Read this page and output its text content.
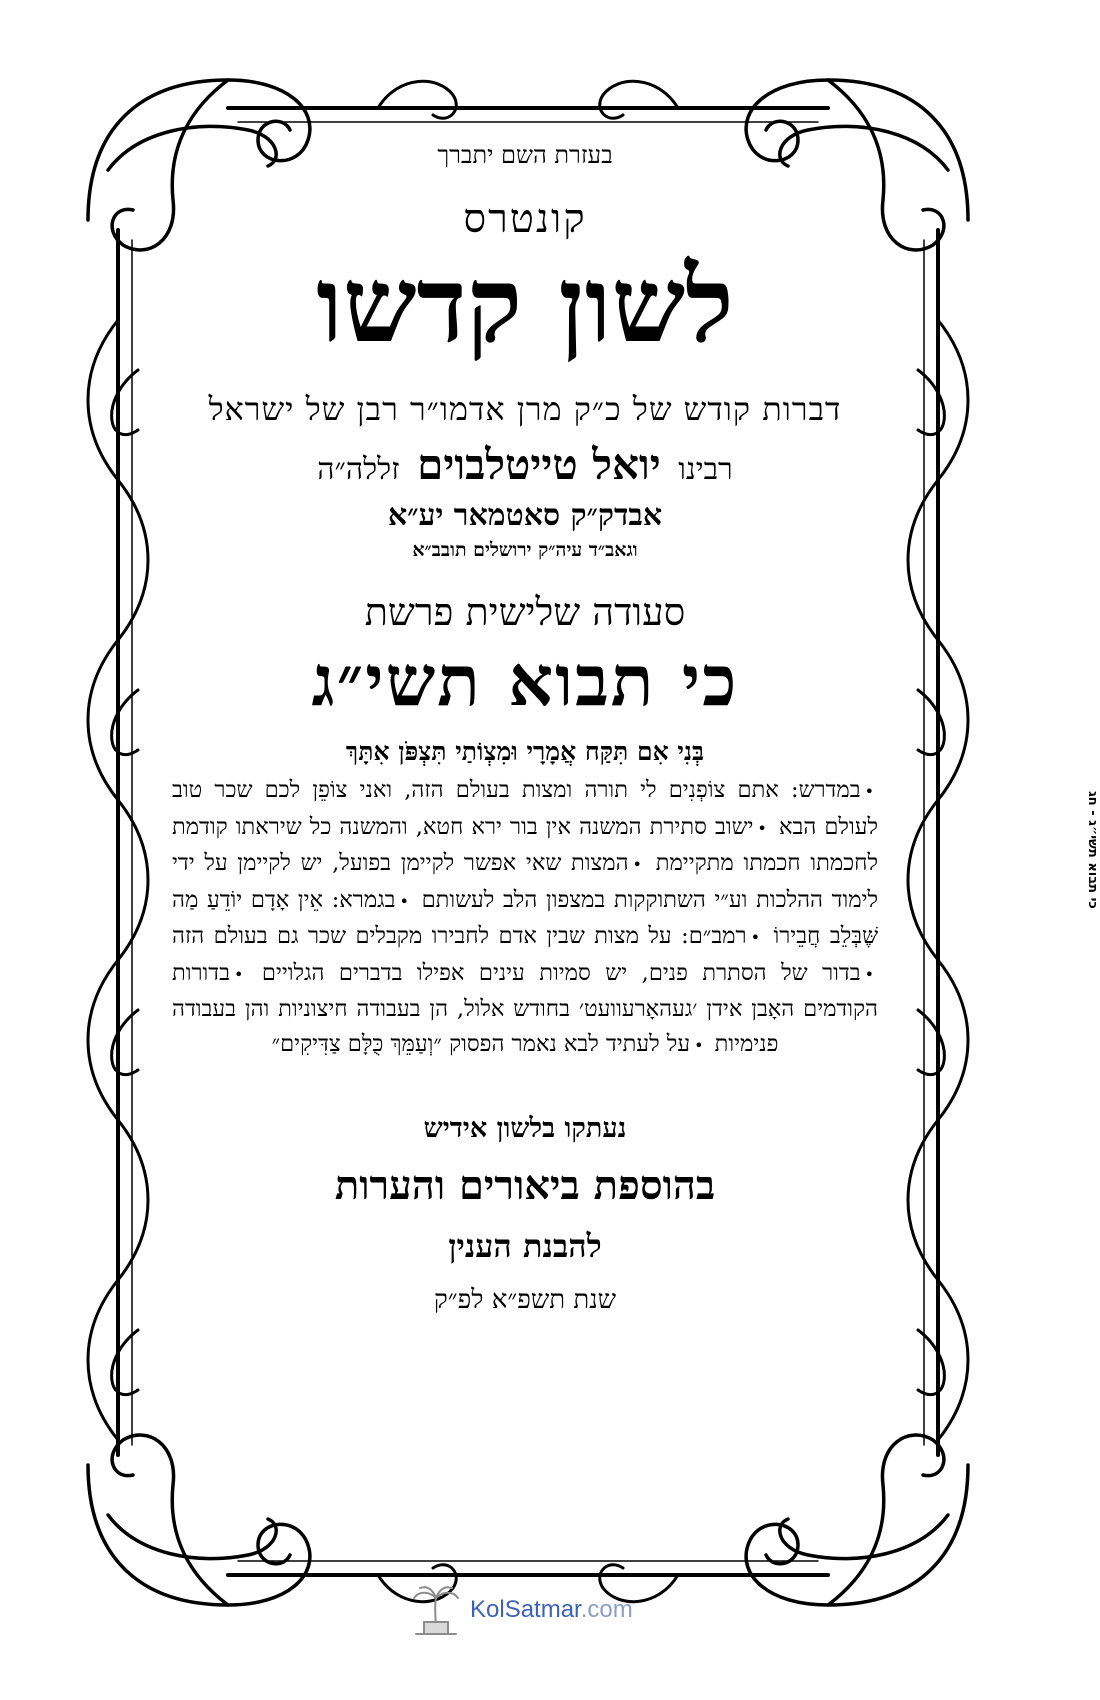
כי תבוא תשי״ג - חג
בעזרת השם יתברך
קונטרס
לשון קדשו
דברות קודש של כ״ק מרן אדמו״ר רבן של ישראל
רבינו יואל טייטלבוים זללה״ה
אבדק״ק סאטמאר יע״א
וגאב״ד עיה״ק ירושלים תובב״א
סעודה שלישית פרשת
כי תבוא תשי״ג
בְּנִי אִם תִּקַּח אֲמָרָי וּמִצְוֹתַי תִּצְפֹּן אִתָּךְ
•במדרש: אתם צוֹפְנִים לי תורה ומצות בעולם הזה, ואני צוֹפֵן לכם שכר טוב לעולם הבא •ישוב סתירת המשנה אין בור ירא חטא, והמשנה כל שיראתו קודמת לחכמתו חכמתו מתקיימת •המצות שאי אפשר לקיימן בפועל, יש לקיימן על ידי לימוד ההלכות וע״י השתוקקות במצפון הלב לעשותם •בגמרא: אֵין אָדָם יוֹדֵעַ מַה שֶּׁבְּלֵב חֲבֵירוֹ •רמב״ם: על מצות שבין אדם לחבירו מקבלים שכר גם בעולם הזה •בדור של הסתרת פנים, יש סמיות עינים אפילו בדברים הגלויים •בדורות הקודמים האָבן אידן ׳געהאָרעוועט׳ בחודש אלול, הן בעבודה חיצוניות והן בעבודה פנימיות •על לעתיד לבא נאמר הפסוק ״וְעַמֵּךְ כֻּלָּם צַדִּיקִים״
נעתקו בלשון אידיש
בהוספת ביאורים והערות
להבנת הענין
שנת תשפ״א לפ״ק
KolSatmar.com
